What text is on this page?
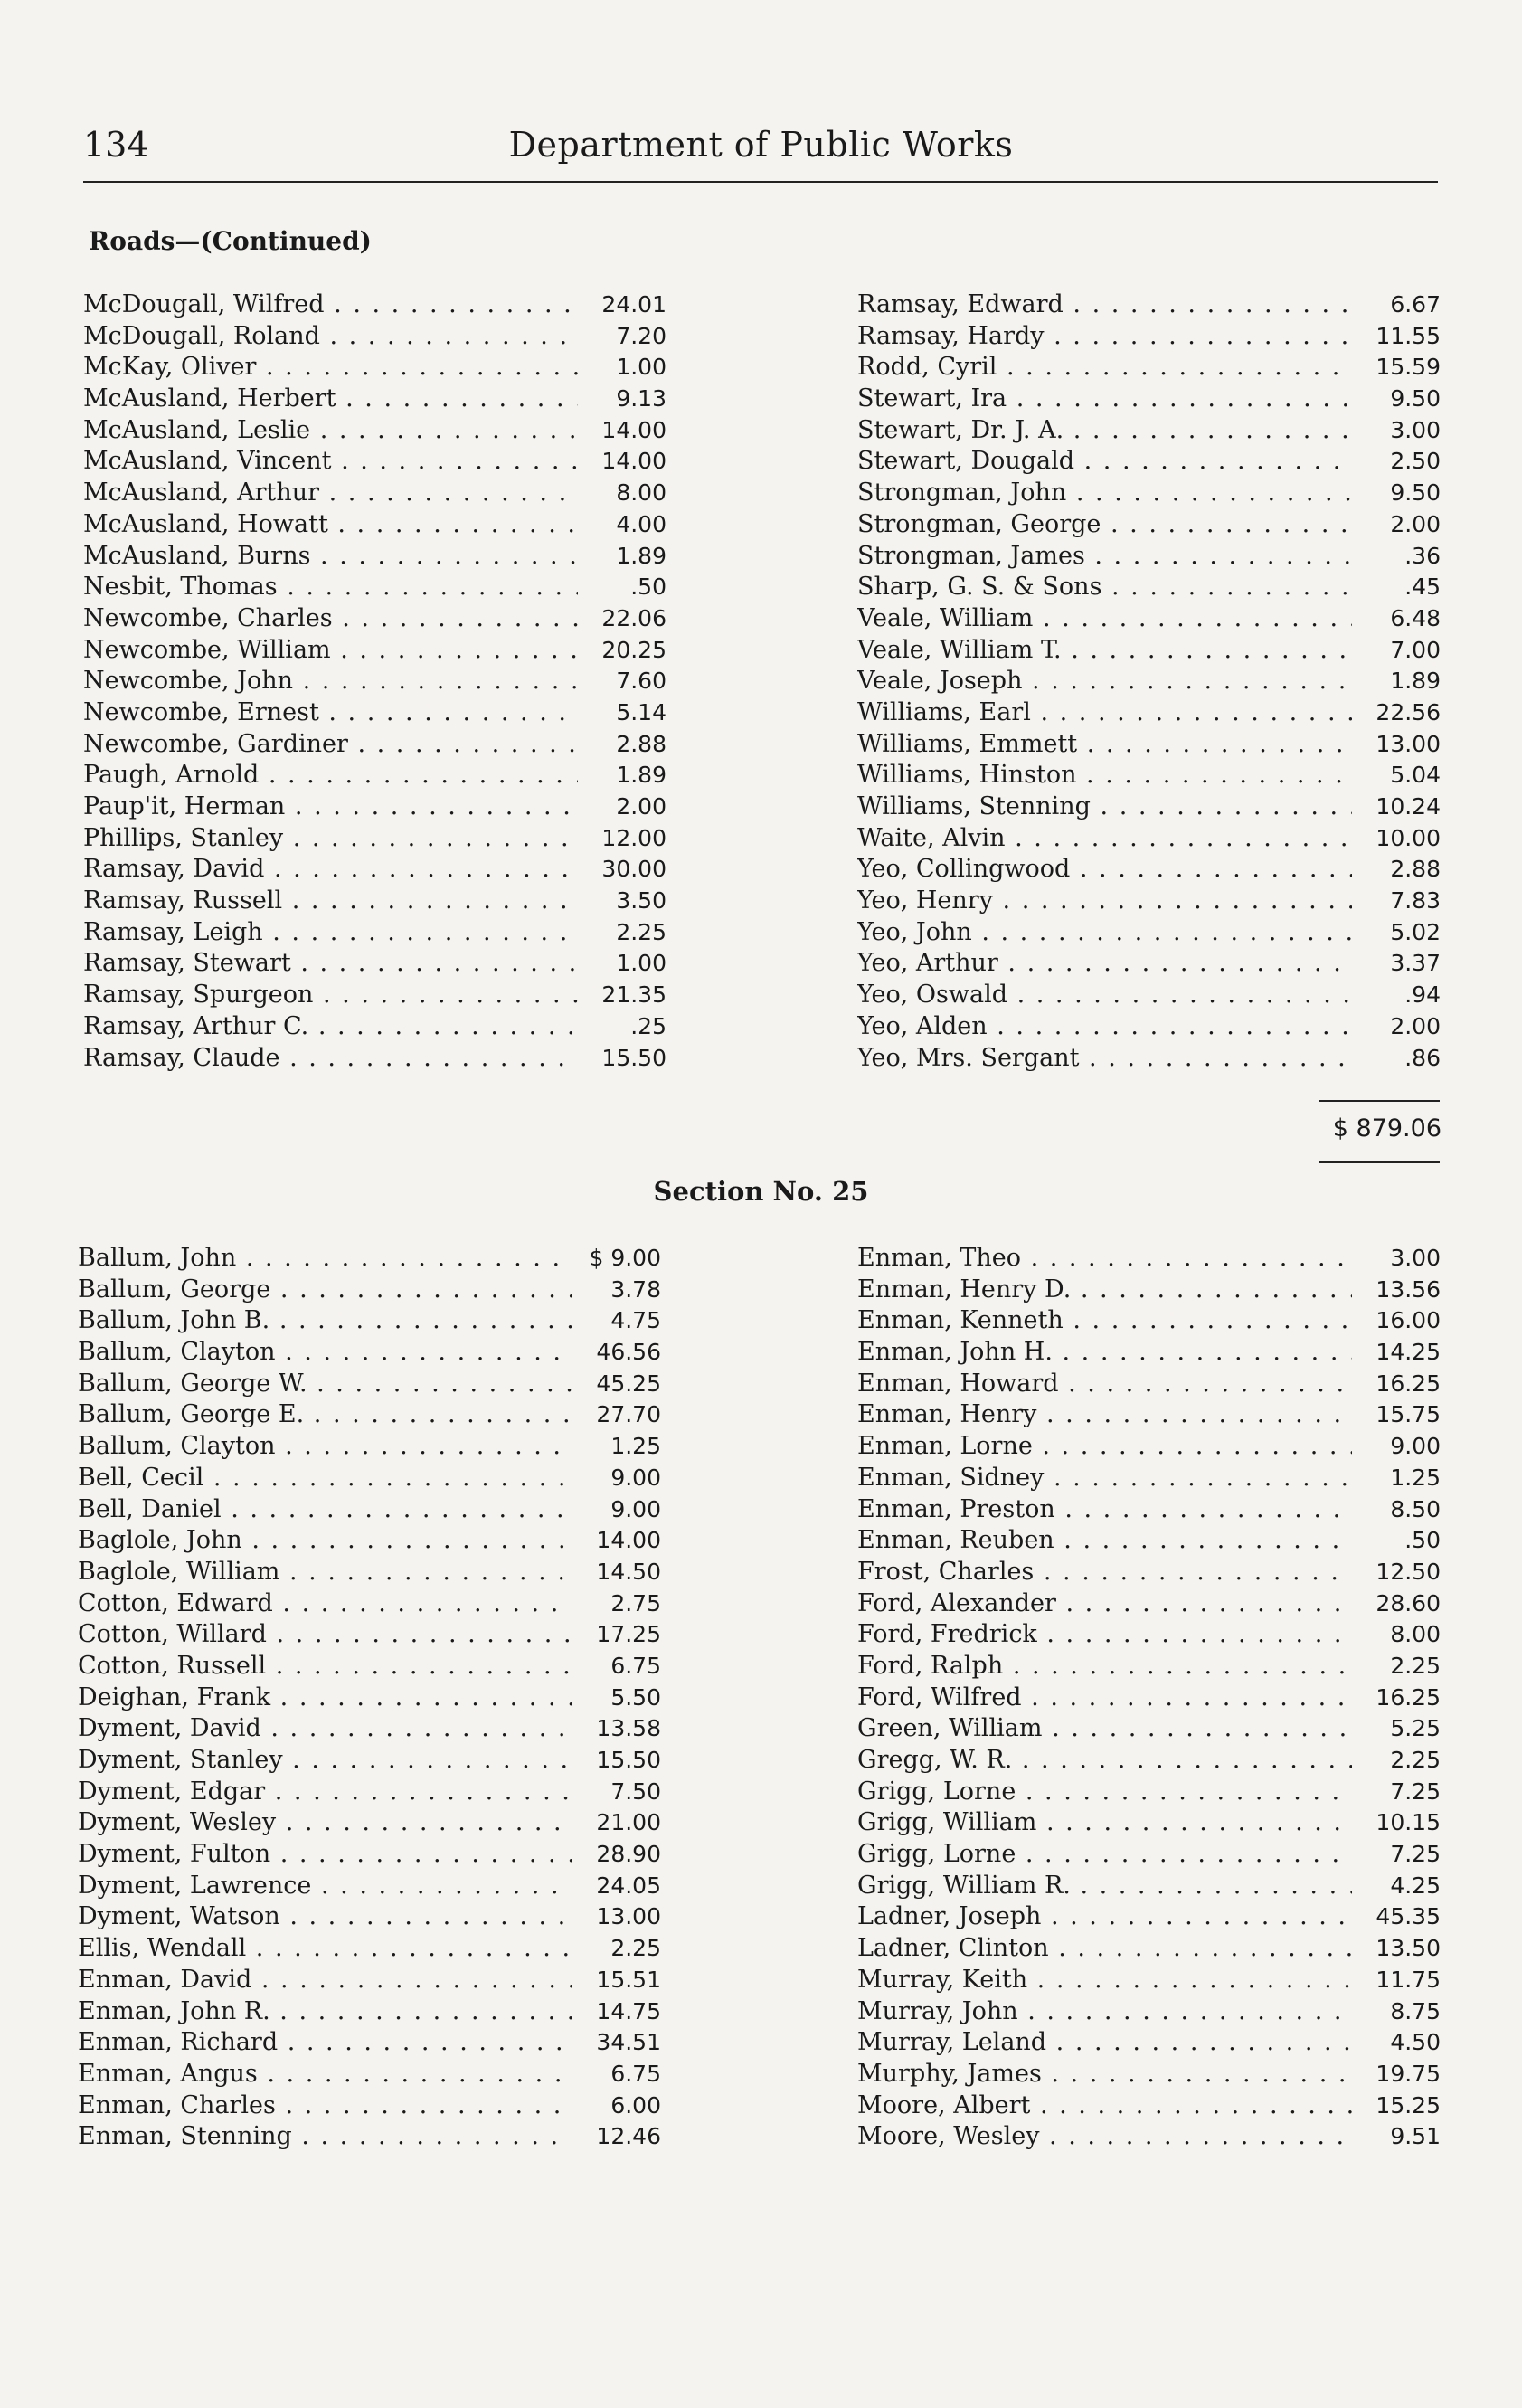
134	Department of Public Works
Roads—(Continued)
McDougall, Wilfred . . .	24.01
McDougall, Roland . . .	7.20
McKay, Oliver . . .	1.00
McAusland, Herbert . . .	9.13
McAusland, Leslie . . .	14.00
McAusland, Vincent . . .	14.00
McAusland, Arthur . . .	8.00
McAusland, Howatt . . .	4.00
McAusland, Burns . . .	1.89
Nesbit, Thomas . . .	.50
Newcombe, Charles . . .	22.06
Newcombe, William . . .	20.25
Newcombe, John . . .	7.60
Newcombe, Ernest . . .	5.14
Newcombe, Gardiner . . .	2.88
Paugh, Arnold . . .	1.89
Paup'it, Herman . . .	2.00
Phillips, Stanley . . .	12.00
Ramsay, David . . .	30.00
Ramsay, Russell . . .	3.50
Ramsay, Leigh . . .	2.25
Ramsay, Stewart . . .	1.00
Ramsay, Spurgeon . . .	21.35
Ramsay, Arthur C. . . .	.25
Ramsay, Claude . . .	15.50
Ramsay, Edward . . .	6.67
Ramsay, Hardy . . .	11.55
Rodd, Cyril . . .	15.59
Stewart, Ira . . .	9.50
Stewart, Dr. J. A. . . .	3.00
Stewart, Dougald . . .	2.50
Strongman, John . . .	9.50
Strongman, George . . .	2.00
Strongman, James . . .	.36
Sharp, G. S. & Sons . . .	.45
Veale, William . . .	6.48
Veale, William T. . . .	7.00
Veale, Joseph . . .	1.89
Williams, Earl . . .	22.56
Williams, Emmett . . .	13.00
Williams, Hinston . . .	5.04
Williams, Stenning . . .	10.24
Waite, Alvin . . .	10.00
Yeo, Collingwood . . .	2.88
Yeo, Henry . . .	7.83
Yeo, John . . .	5.02
Yeo, Arthur . . .	3.37
Yeo, Oswald . . .	.94
Yeo, Alden . . .	2.00
Yeo, Mrs. Sergant . . .	.86
$ 879.06
Section No. 25
Ballum, John . . .	$ 9.00
Ballum, George . . .	3.78
Ballum, John B. . . .	4.75
Ballum, Clayton . . .	46.56
Ballum, George W. . . .	45.25
Ballum, George E. . . .	27.70
Ballum, Clayton . . .	1.25
Bell, Cecil . . .	9.00
Bell, Daniel . . .	9.00
Baglole, John . . .	14.00
Baglole, William . . .	14.50
Cotton, Edward . . .	2.75
Cotton, Willard . . .	17.25
Cotton, Russell . . .	6.75
Deighan, Frank . . .	5.50
Dyment, David . . .	13.58
Dyment, Stanley . . .	15.50
Dyment, Edgar . . .	7.50
Dyment, Wesley . . .	21.00
Dyment, Fulton . . .	28.90
Dyment, Lawrence . . .	24.05
Dyment, Watson . . .	13.00
Ellis, Wendall . . .	2.25
Enman, David . . .	15.51
Enman, John R. . . .	14.75
Enman, Richard . . .	34.51
Enman, Angus . . .	6.75
Enman, Charles . . .	6.00
Enman, Stenning . . .	12.46
Enman, Theo . . .	3.00
Enman, Henry D. . . .	13.56
Enman, Kenneth . . .	16.00
Enman, John H. . . .	14.25
Enman, Howard . . .	16.25
Enman, Henry . . .	15.75
Enman, Lorne . . .	9.00
Enman, Sidney . . .	1.25
Enman, Preston . . .	8.50
Enman, Reuben . . .	.50
Frost, Charles . . .	12.50
Ford, Alexander . . .	28.60
Ford, Fredrick . . .	8.00
Ford, Ralph . . .	2.25
Ford, Wilfred . . .	16.25
Green, William . . .	5.25
Gregg, W. R. . . .	2.25
Grigg, Lorne . . .	7.25
Grigg, William . . .	10.15
Grigg, Lorne . . .	7.25
Grigg, William R. . . .	4.25
Ladner, Joseph . . .	45.35
Ladner, Clinton . . .	13.50
Murray, Keith . . .	11.75
Murray, John . . .	8.75
Murray, Leland . . .	4.50
Murphy, James . . .	19.75
Moore, Albert . . .	15.25
Moore, Wesley . . .	9.51
